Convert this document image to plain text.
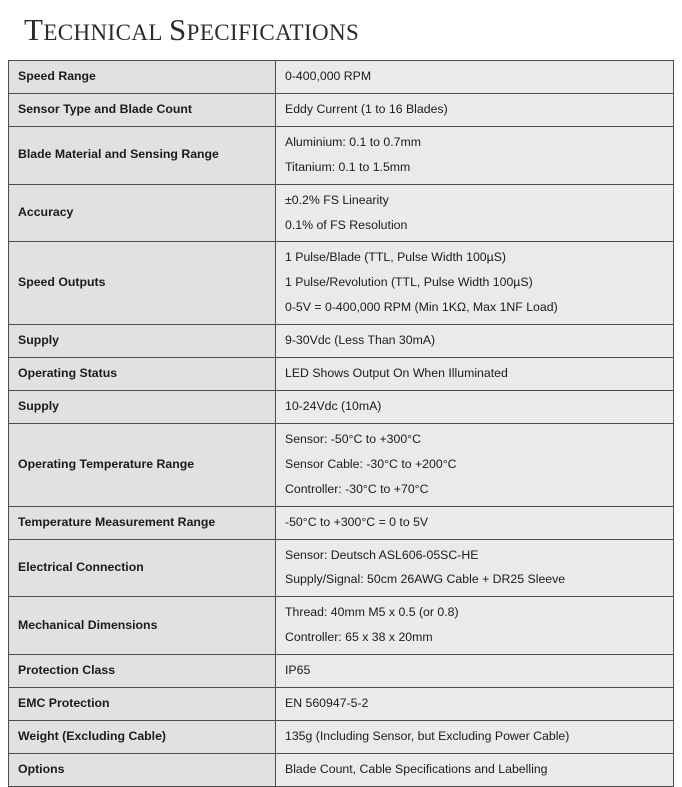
TECHNICAL SPECIFICATIONS
Speed Range	0-400,000 RPM

Sensor Type and Blade Count	Eddy Current (1 to 16 Blades)

Blade Material and Sensing Range	Aluminium: 0.1 to 0.7mm
Titanium: 0.1 to 1.5mm

Accuracy	±0.2% FS Linearity
0.1% of FS Resolution

Speed Outputs	1 Pulse/Blade (TTL, Pulse Width 100µS)
1 Pulse/Revolution (TTL, Pulse Width 100µS)
0-5V = 0-400,000 RPM (Min 1KΩ, Max 1NF Load)

Supply	9-30Vdc (Less Than 30mA)

Operating Status	LED Shows Output On When Illuminated

Supply	10-24Vdc (10mA)

Operating Temperature Range	Sensor: -50°C to +300°C
Sensor Cable: -30°C to +200°C
Controller: -30°C to +70°C

Temperature Measurement Range	-50°C to +300°C = 0 to 5V

Electrical Connection	Sensor: Deutsch ASL606-05SC-HE
Supply/Signal: 50cm 26AWG Cable + DR25 Sleeve

Mechanical Dimensions	Thread: 40mm M5 x 0.5 (or 0.8)
Controller: 65 x 38 x 20mm

Protection Class	IP65

EMC Protection	EN 560947-5-2

Weight (Excluding Cable)	135g (Including Sensor, but Excluding Power Cable)

Options	Blade Count, Cable Specifications and Labelling
